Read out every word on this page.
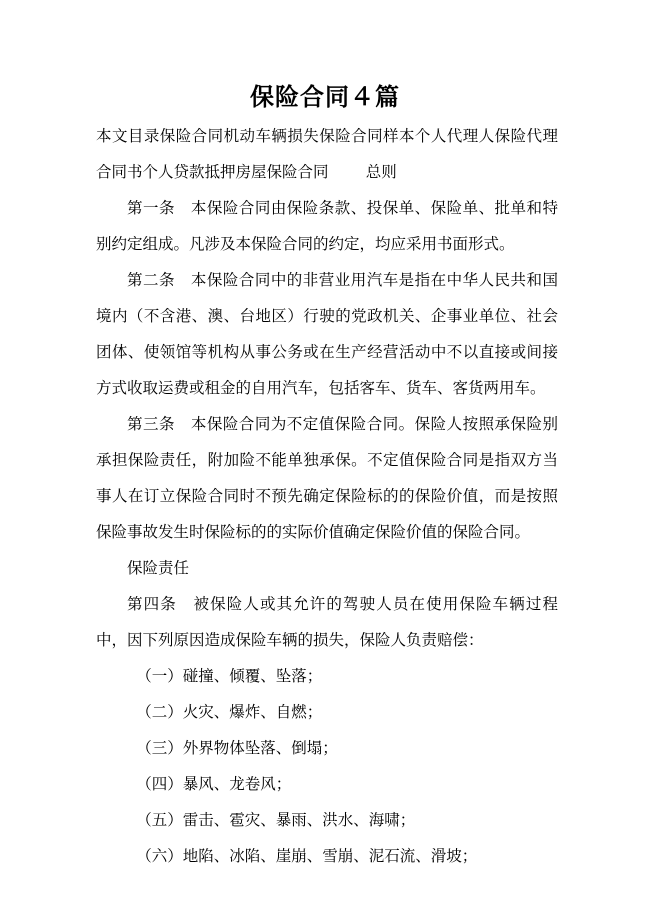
保险合同４篇

本文目录保险合同机动车辆损失保险合同样本个人代理人保险代理合同书个人贷款抵押房屋保险合同 总则

第一条 本保险合同由保险条款、投保单、保险单、批单和特别约定组成。凡涉及本保险合同的约定，均应采用书面形式。

第二条 本保险合同中的非营业用汽车是指在中华人民共和国境内（不含港、澳、台地区）行驶的党政机关、企事业单位、社会团体、使领馆等机构从事公务或在生产经营活动中不以直接或间接方式收取运费或租金的自用汽车，包括客车、货车、客货两用车。

第三条 本保险合同为不定值保险合同。保险人按照承保险别承担保险责任，附加险不能单独承保。不定值保险合同是指双方当事人在订立保险合同时不预先确定保险标的的保险价值，而是按照保险事故发生时保险标的的实际价值确定保险价值的保险合同。

保险责任

第四条 被保险人或其允许的驾驶人员在使用保险车辆过程中，因下列原因造成保险车辆的损失，保险人负责赔偿：

（一）碰撞、倾覆、坠落；

（二）火灾、爆炸、自燃；

（三）外界物体坠落、倒塌；

（四）暴风、龙卷风；

（五）雷击、雹灾、暴雨、洪水、海啸；

（六）地陷、冰陷、崖崩、雪崩、泥石流、滑坡；
